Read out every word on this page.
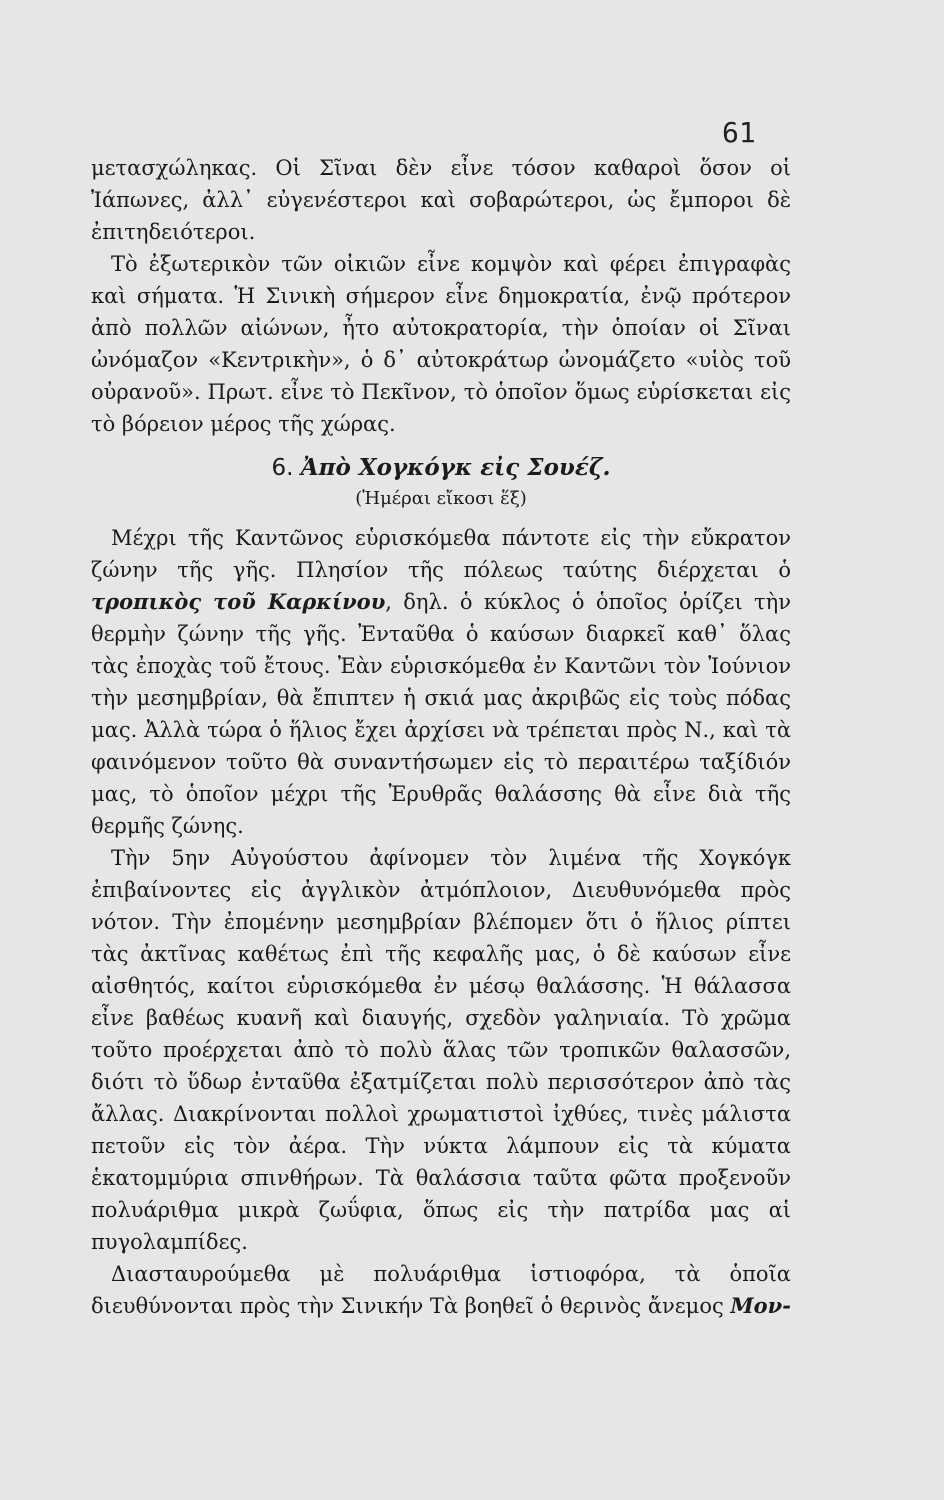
61

μετασχώληκας. Οἱ Σῖναι δὲν εἶνε τόσον καθαροὶ ὅσον οἱ Ἰάπωνες, ἀλλ᾽ εὐγενέστεροι καὶ σοβαρώτεροι, ὡς ἔμποροι δὲ ἐπιτηδειότεροι.

Τὸ ἐξωτερικὸν τῶν οἰκιῶν εἶνε κομψὸν καὶ φέρει ἐπιγραφὰς καὶ σήματα. Ἡ Σινικὴ σήμερον εἶνε δημοκρατία, ἐνῷ πρότερον ἀπὸ πολλῶν αἰώνων, ἦτο αὐτοκρατορία, τὴν ὁποίαν οἱ Σῖναι ὠνόμαζον «Κεντρικὴν», ὁ δ᾽ αὐτοκράτωρ ὠνομάζετο «υἱὸς τοῦ οὐρανοῦ». Πρωτ. εἶνε τὸ Πεκῖνον, τὸ ὁποῖον ὅμως εὑρίσκεται εἰς τὸ βόρειον μέρος τῆς χώρας.

6. Ἀπὸ Χογκόγκ εἰς Σουέζ.
(Ἡμέραι εἴκοσι ἕξ)

Μέχρι τῆς Καντῶνος εὑρισκόμεθα πάντοτε εἰς τὴν εὔκρατον ζώνην τῆς γῆς. Πλησίον τῆς πόλεως ταύτης διέρχεται ὁ τροπικὸς τοῦ Καρκίνου, δηλ. ὁ κύκλος ὁ ὁποῖος ὁρίζει τὴν θερμὴν ζώνην τῆς γῆς. Ἐνταῦθα ὁ καύσων διαρκεῖ καθ᾽ ὅλας τὰς ἐποχὰς τοῦ ἔτους. Ἐὰν εὑρισκόμεθα ἐν Καντῶνι τὸν Ἰούνιον τὴν μεσημβρίαν, θὰ ἔπιπτεν ἡ σκιά μας ἀκριβῶς εἰς τοὺς πόδας μας. Ἀλλὰ τώρα ὁ ἥλιος ἔχει ἀρχίσει νὰ τρέπεται πρὸς Ν., καὶ τὰ φαινόμενον τοῦτο θὰ συναντήσωμεν εἰς τὸ περαιτέρω ταξίδιόν μας, τὸ ὁποῖον μέχρι τῆς Ἐρυθρᾶς θαλάσσης θὰ εἶνε διὰ τῆς θερμῆς ζώνης.

Τὴν 5ην Αὐγούστου ἀφίνομεν τὸν λιμένα τῆς Χογκόγκ ἐπιβαίνοντες εἰς ἀγγλικὸν ἀτμόπλοιον, Διευθυνόμεθα πρὸς νότον. Τὴν ἐπομένην μεσημβρίαν βλέπομεν ὅτι ὁ ἥλιος ρίπτει τὰς ἀκτῖνας καθέτως ἐπὶ τῆς κεφαλῆς μας, ὁ δὲ καύσων εἶνε αἰσθητός, καίτοι εὑρισκόμεθα ἐν μέσῳ θαλάσσης. Ἡ θάλασσα εἶνε βαθέως κυανῆ καὶ διαυγής, σχεδὸν γαληνιαία. Τὸ χρῶμα τοῦτο προέρχεται ἀπὸ τὸ πολὺ ἅλας τῶν τροπικῶν θαλασσῶν, διότι τὸ ὕδωρ ἐνταῦθα ἐξατμίζεται πολὺ περισσότερον ἀπὸ τὰς ἄλλας. Διακρίνονται πολλοὶ χρωματιστοὶ ἰχθύες, τινὲς μάλιστα πετοῦν εἰς τὸν ἀέρα. Τὴν νύκτα λάμπουν εἰς τὰ κύματα ἑκατομμύρια σπινθήρων. Τὰ θαλάσσια ταῦτα φῶτα προξενοῦν πολυάριθμα μικρὰ ζωΰφια, ὅπως εἰς τὴν πατρίδα μας αἱ πυγολαμπίδες.

Διασταυρούμεθα μὲ πολυάριθμα ἱστιοφόρα, τὰ ὁποῖα διευθύνονται πρὸς τὴν Σινικήν Τὰ βοηθεῖ ὁ θερινὸς ἄνεμος Μον-
